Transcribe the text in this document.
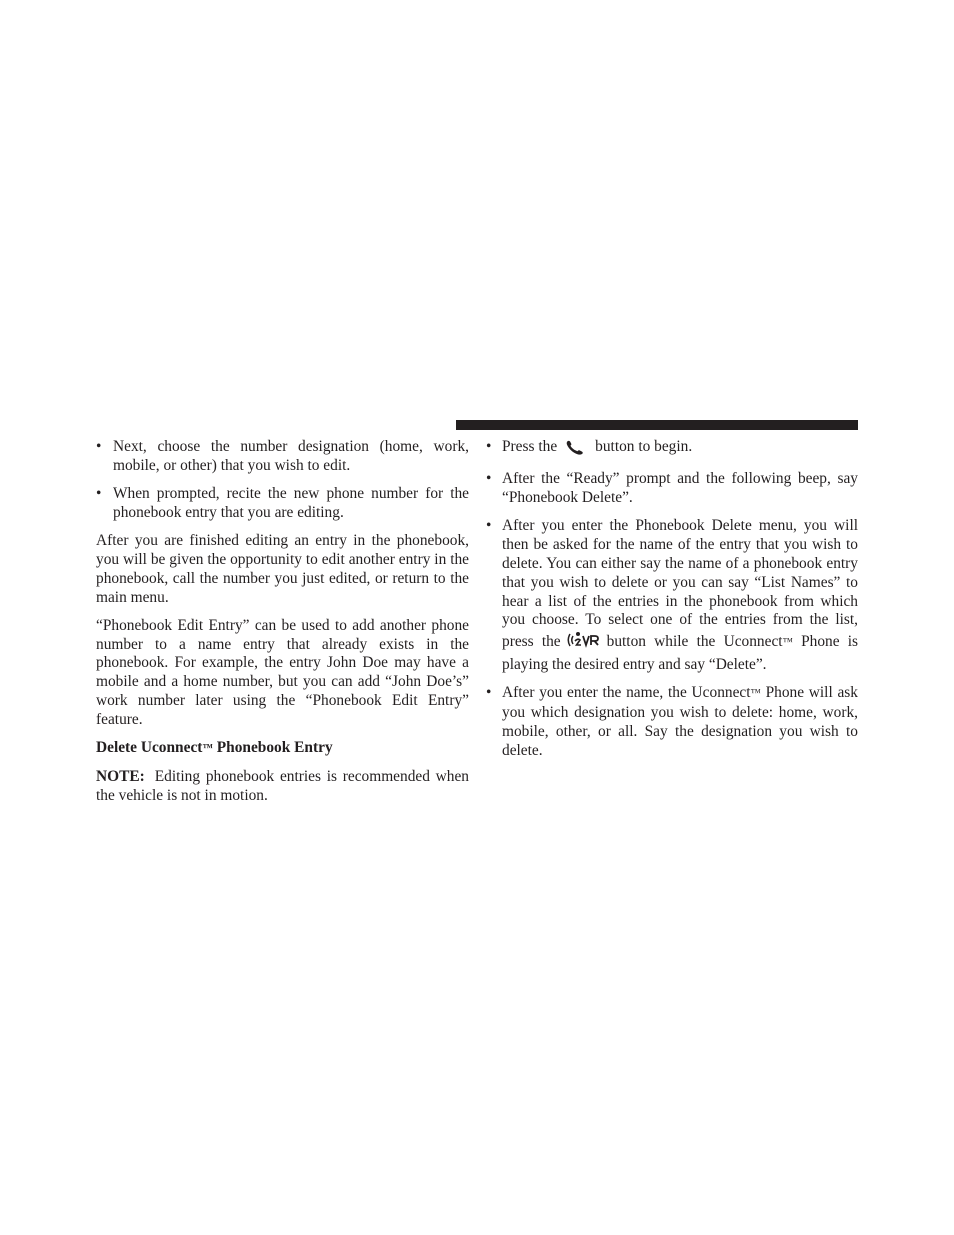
• Next, choose the number designation (home, work, mobile, or other) that you wish to edit.
• When prompted, recite the new phone number for the phonebook entry that you are editing.

After you are finished editing an entry in the phonebook, you will be given the opportunity to edit another entry in the phonebook, call the number you just edited, or return to the main menu.

“Phonebook Edit Entry” can be used to add another phone number to a name entry that already exists in the phonebook. For example, the entry John Doe may have a mobile and a home number, but you can add “John Doe’s” work number later using the “Phonebook Edit Entry” feature.

Delete Uconnect™ Phonebook Entry

NOTE: Editing phonebook entries is recommended when the vehicle is not in motion.

• Press the button to begin.
• After the “Ready” prompt and the following beep, say “Phonebook Delete”.
• After you enter the Phonebook Delete menu, you will then be asked for the name of the entry that you wish to delete. You can either say the name of a phonebook entry that you wish to delete or you can say “List Names” to hear a list of the entries in the phonebook from which you choose. To select one of the entries from the list, press the	button while the Uconnect™ Phone is playing the desired entry and say “Delete”.
• After you enter the name, the Uconnect™ Phone will ask you which designation you wish to delete: home, work, mobile, other, or all. Say the designation you wish to delete.
